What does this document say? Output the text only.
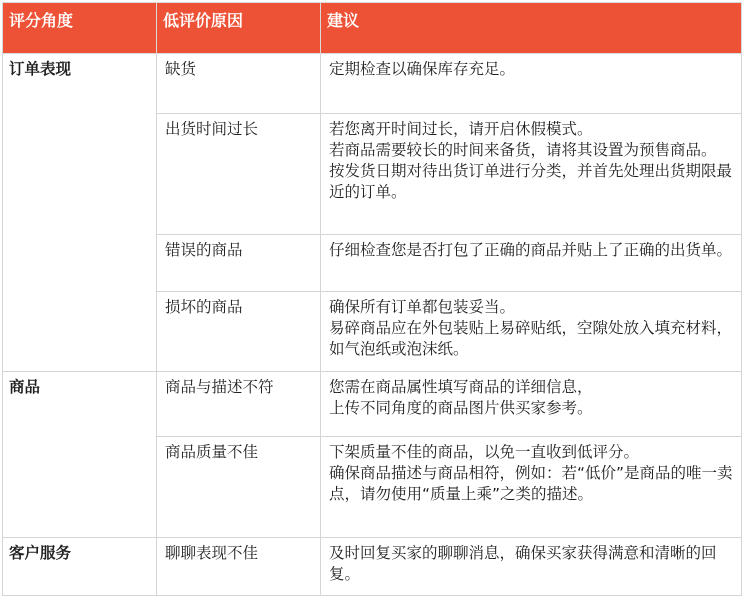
评分角度	低评价原因	建议
订单表现	缺货	定期检查以确保库存充足。

	出货时间过长	若您离开时间过长，请开启休假模式。
若商品需要较长的时间来备货，请将其设置为预售商品。
按发货日期对待出货订单进行分类，并首先处理出货期限最近的订单。

	错误的商品	仔细检查您是否打包了正确的商品并贴上了正确的出货单。

	损坏的商品	确保所有订单都包装妥当。
易碎商品应在外包装贴上易碎贴纸，空隙处放入填充材料，如气泡纸或泡沫纸。

商品	商品与描述不符	您需在商品属性填写商品的详细信息，
上传不同角度的商品图片供买家参考。

	商品质量不佳	下架质量不佳的商品，以免一直收到低评分。
确保商品描述与商品相符，例如：若“低价”是商品的唯一卖点，请勿使用“质量上乘”之类的描述。

客户服务	聊聊表现不佳	及时回复买家的聊聊消息，确保买家获得满意和清晰的回复。
